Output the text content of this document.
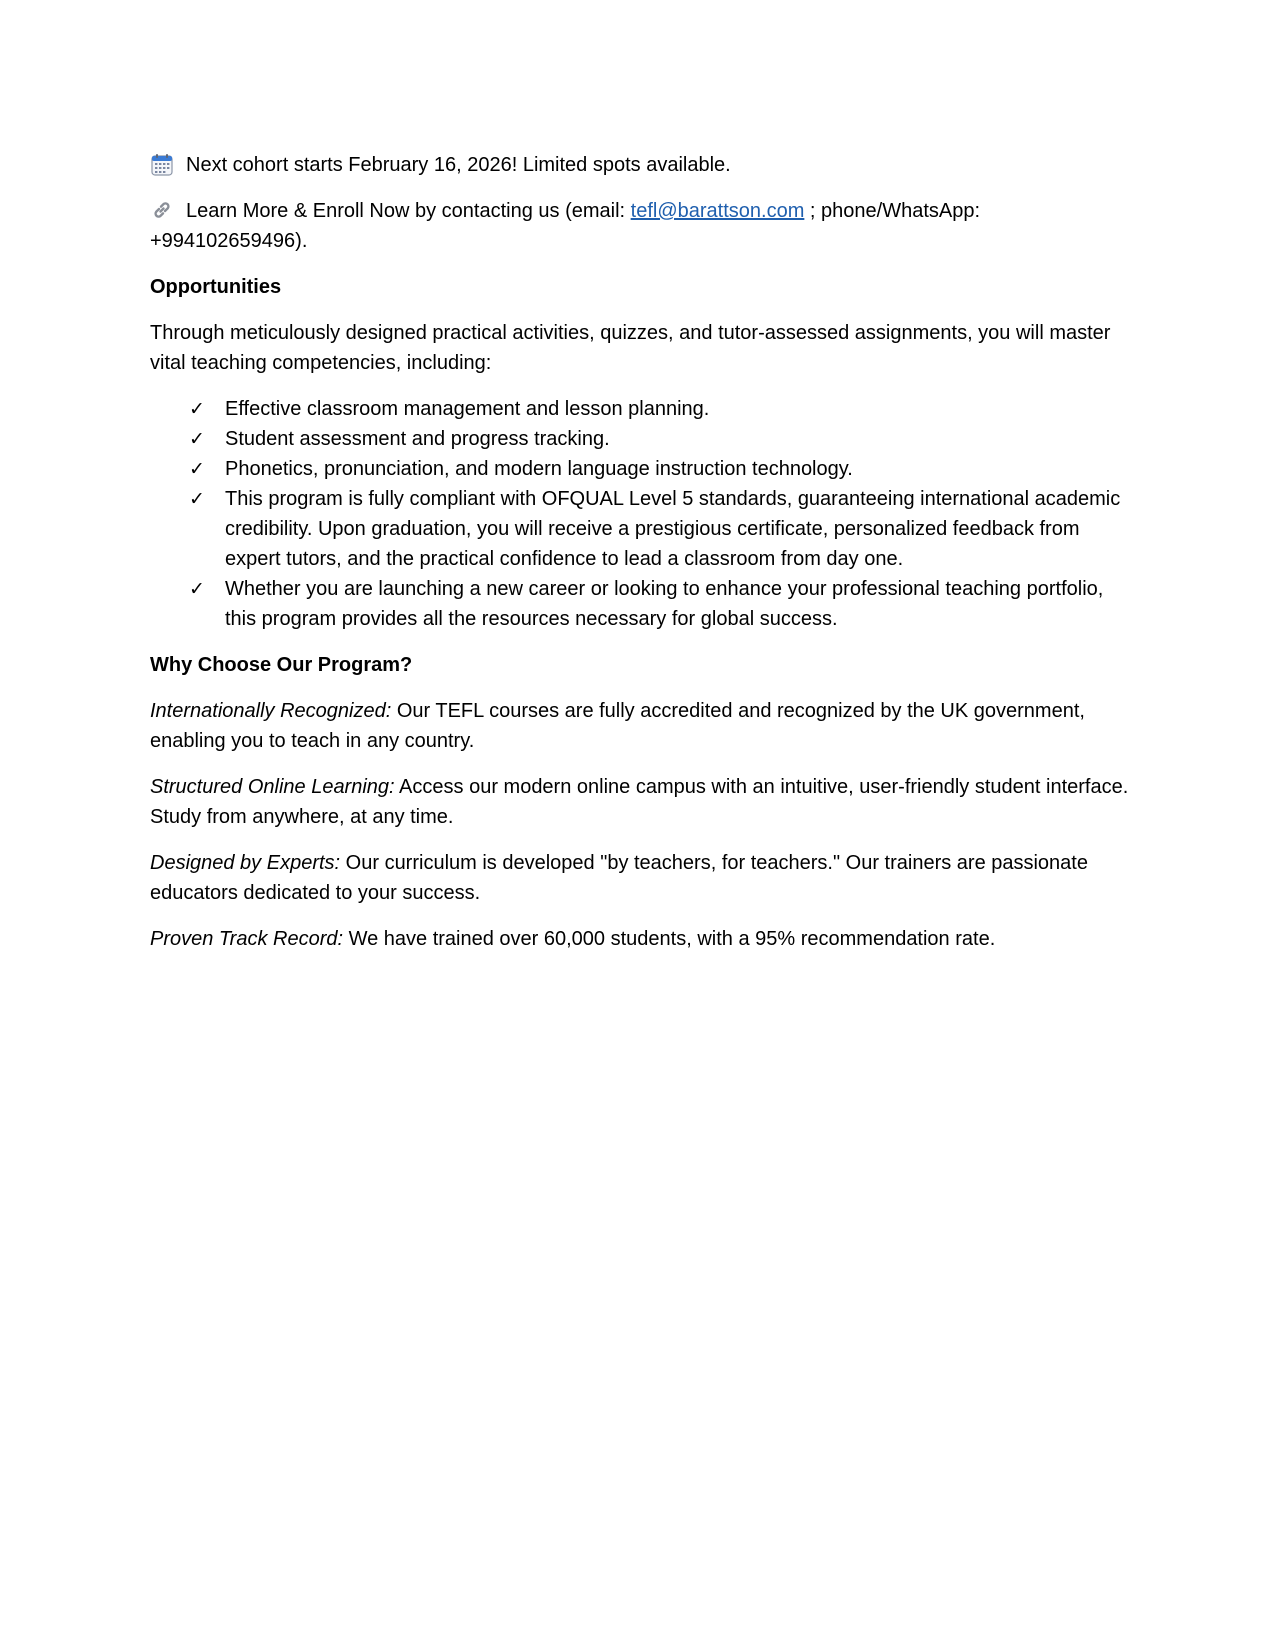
Next cohort starts February 16, 2026! Limited spots available.

Learn More & Enroll Now by contacting us (email: tefl@barattson.com ; phone/WhatsApp:
+994102659496).

Opportunities

Through meticulously designed practical activities, quizzes, and tutor-assessed assignments, you will master vital teaching competencies, including:

✓ Effective classroom management and lesson planning.
✓ Student assessment and progress tracking.
✓ Phonetics, pronunciation, and modern language instruction technology.
✓ This program is fully compliant with OFQUAL Level 5 standards, guaranteeing international academic credibility. Upon graduation, you will receive a prestigious certificate, personalized feedback from expert tutors, and the practical confidence to lead a classroom from day one.
✓ Whether you are launching a new career or looking to enhance your professional teaching portfolio, this program provides all the resources necessary for global success.

Why Choose Our Program?

Internationally Recognized: Our TEFL courses are fully accredited and recognized by the UK government, enabling you to teach in any country.

Structured Online Learning: Access our modern online campus with an intuitive, user-friendly student interface. Study from anywhere, at any time.

Designed by Experts: Our curriculum is developed "by teachers, for teachers." Our trainers are passionate educators dedicated to your success.

Proven Track Record: We have trained over 60,000 students, with a 95% recommendation rate.
